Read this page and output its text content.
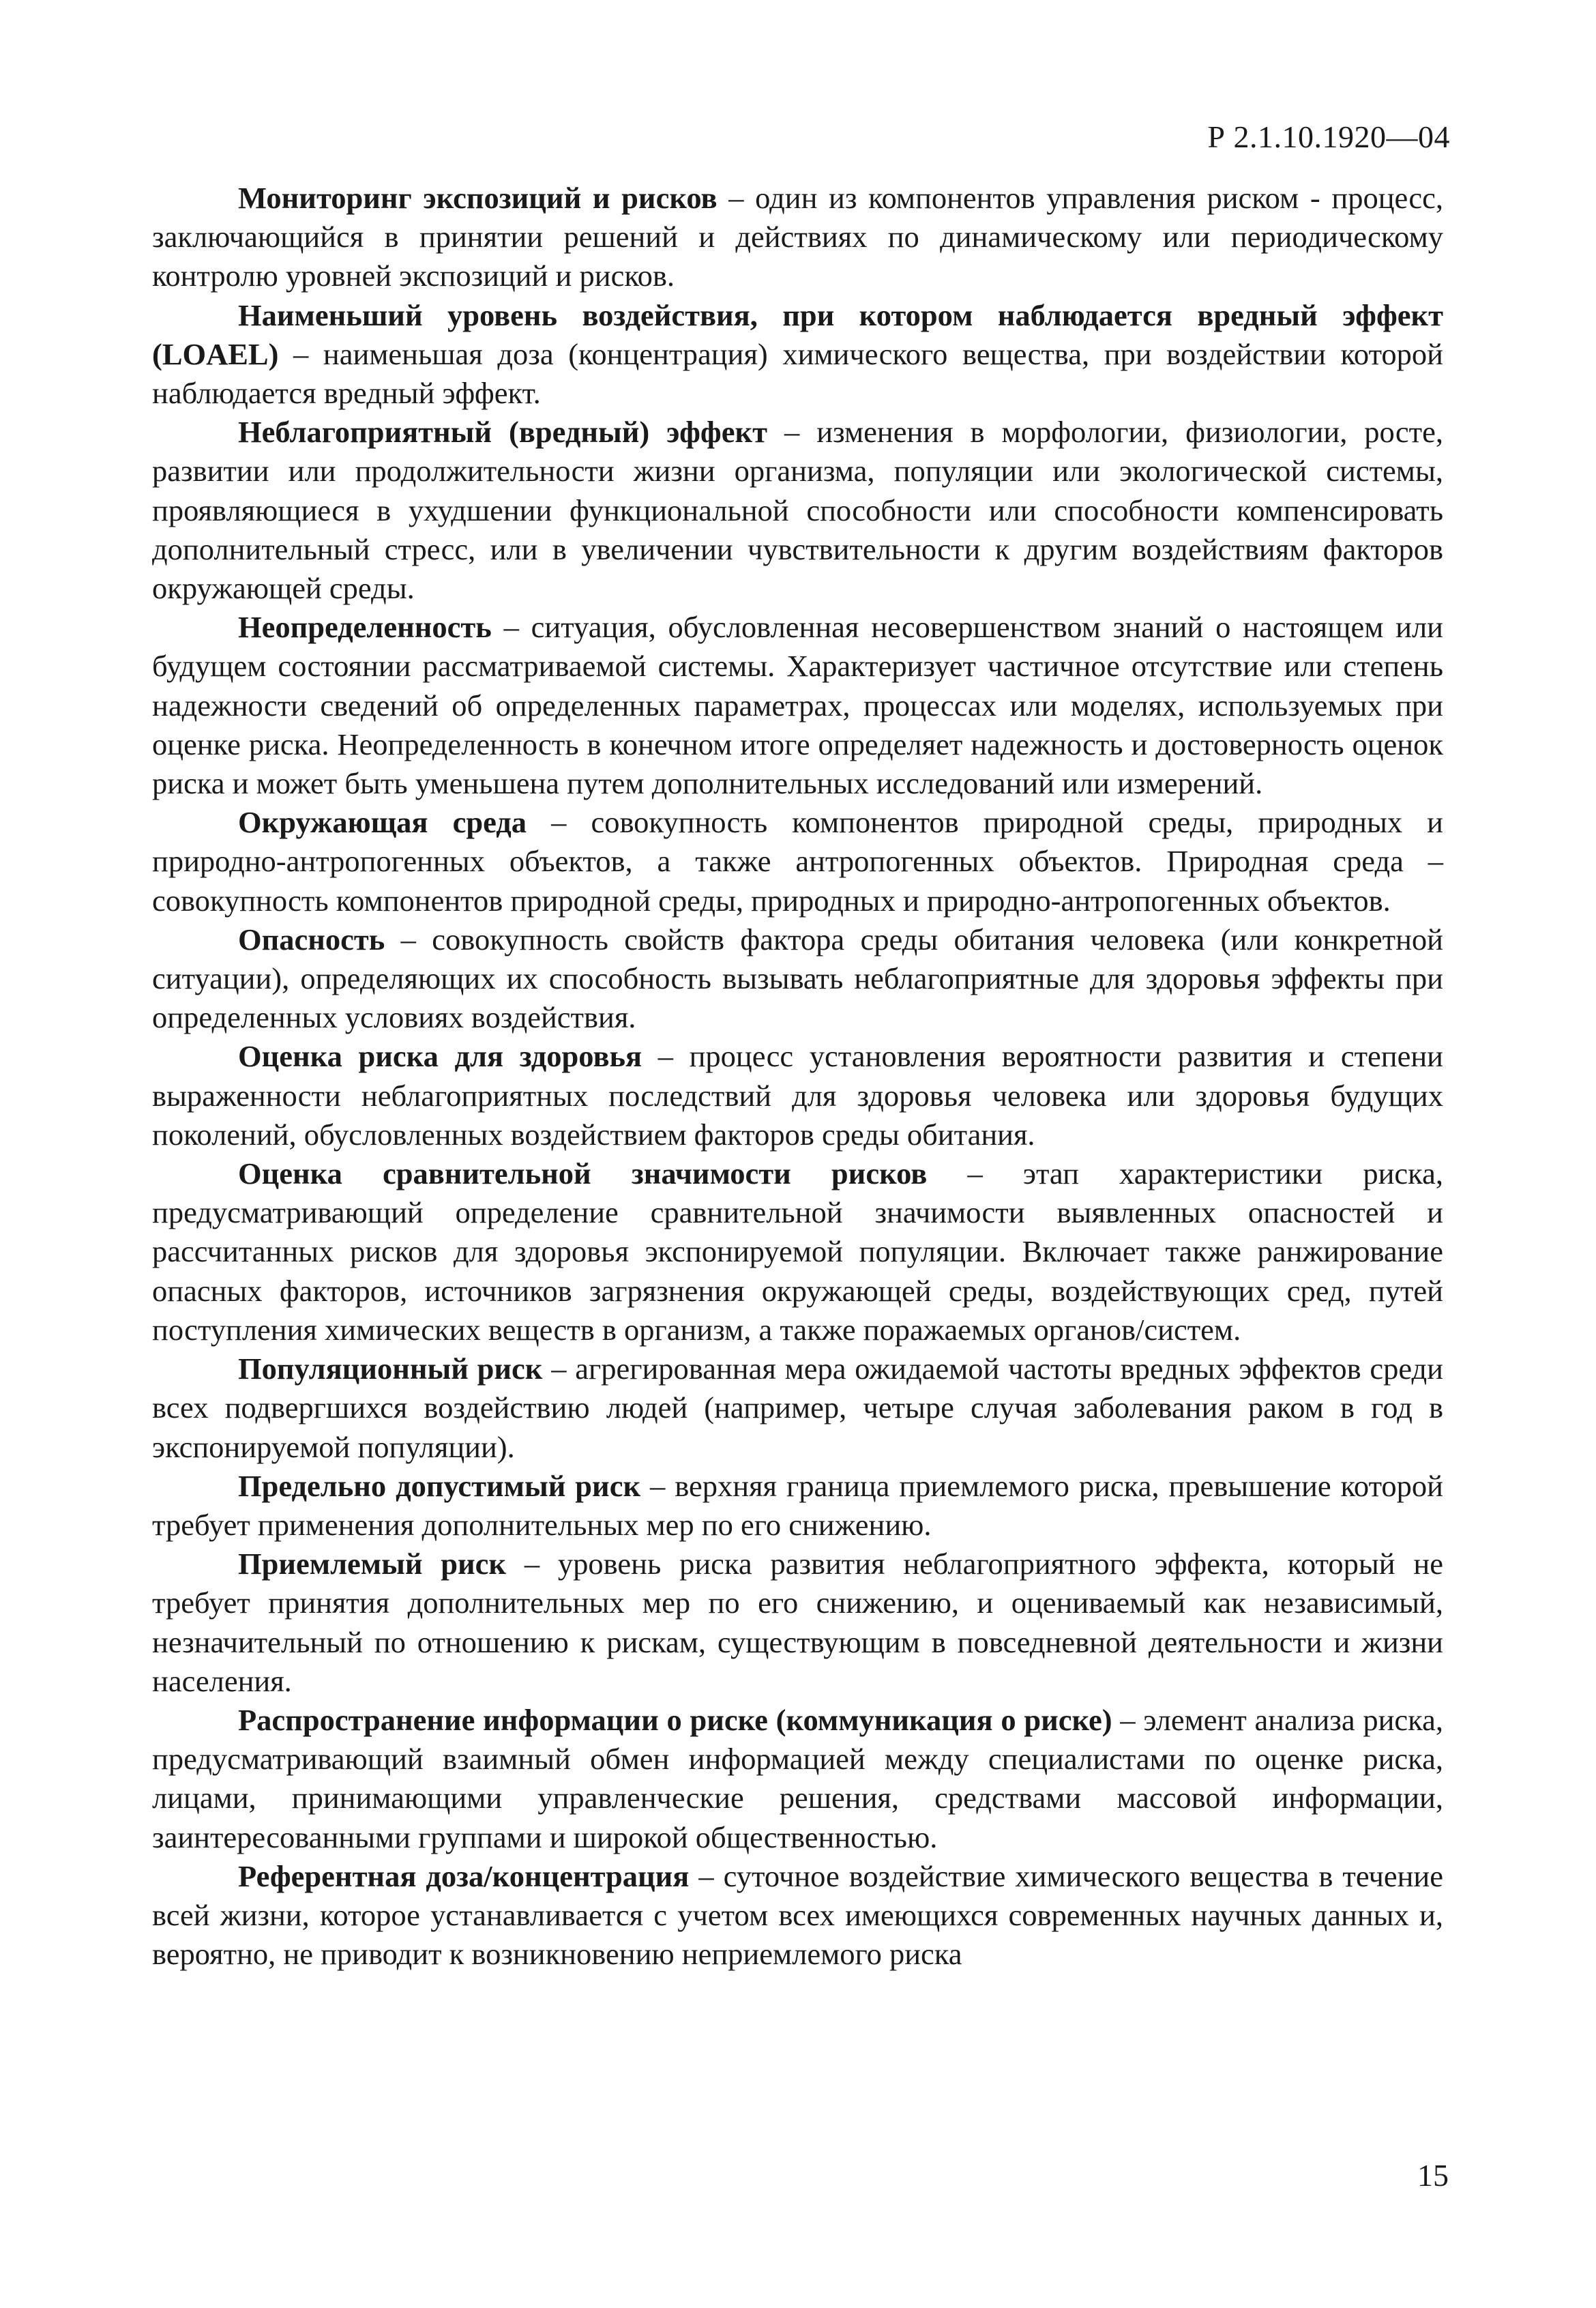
Р 2.1.10.1920—04

Мониторинг экспозиций и рисков – один из компонентов управления риском - процесс, заключающийся в принятии решений и действиях по динамическому или периодическому контролю уровней экспозиций и рисков.

Наименьший уровень воздействия, при котором наблюдается вредный эффект (LOAEL) – наименьшая доза (концентрация) химического вещества, при воздействии которой наблюдается вредный эффект.

Неблагоприятный (вредный) эффект – изменения в морфологии, физиологии, росте, развитии или продолжительности жизни организма, популяции или экологической системы, проявляющиеся в ухудшении функциональной способности или способности компенсировать дополнительный стресс, или в увеличении чувствительности к другим воздействиям факторов окружающей среды.

Неопределенность – ситуация, обусловленная несовершенством знаний о настоящем или будущем состоянии рассматриваемой системы. Характеризует частичное отсутствие или степень надежности сведений об определенных параметрах, процессах или моделях, используемых при оценке риска. Неопределенность в конечном итоге определяет надежность и достоверность оценок риска и может быть уменьшена путем дополнительных исследований или измерений.

Окружающая среда – совокупность компонентов природной среды, природных и природно-антропогенных объектов, а также антропогенных объектов. Природная среда – совокупность компонентов природной среды, природных и природно-антропогенных объектов.

Опасность – совокупность свойств фактора среды обитания человека (или конкретной ситуации), определяющих их способность вызывать неблагоприятные для здоровья эффекты при определенных условиях воздействия.

Оценка риска для здоровья – процесс установления вероятности развития и степени выраженности неблагоприятных последствий для здоровья человека или здоровья будущих поколений, обусловленных воздействием факторов среды обитания.

Оценка сравнительной значимости рисков – этап характеристики риска, предусматривающий определение сравнительной значимости выявленных опасностей и рассчитанных рисков для здоровья экспонируемой популяции. Включает также ранжирование опасных факторов, источников загрязнения окружающей среды, воздействующих сред, путей поступления химических веществ в организм, а также поражаемых органов/систем.

Популяционный риск – агрегированная мера ожидаемой частоты вредных эффектов среди всех подвергшихся воздействию людей (например, четыре случая заболевания раком в год в экспонируемой популяции).

Предельно допустимый риск – верхняя граница приемлемого риска, превышение которой требует применения дополнительных мер по его снижению.

Приемлемый риск – уровень риска развития неблагоприятного эффекта, который не требует принятия дополнительных мер по его снижению, и оцениваемый как независимый, незначительный по отношению к рискам, существующим в повседневной деятельности и жизни населения.

Распространение информации о риске (коммуникация о риске) – элемент анализа риска, предусматривающий взаимный обмен информацией между специалистами по оценке риска, лицами, принимающими управленческие решения, средствами массовой информации, заинтересованными группами и широкой общественностью.

Референтная доза/концентрация – суточное воздействие химического вещества в течение всей жизни, которое устанавливается с учетом всех имеющихся современных научных данных и, вероятно, не приводит к возникновению неприемлемого риска

15
